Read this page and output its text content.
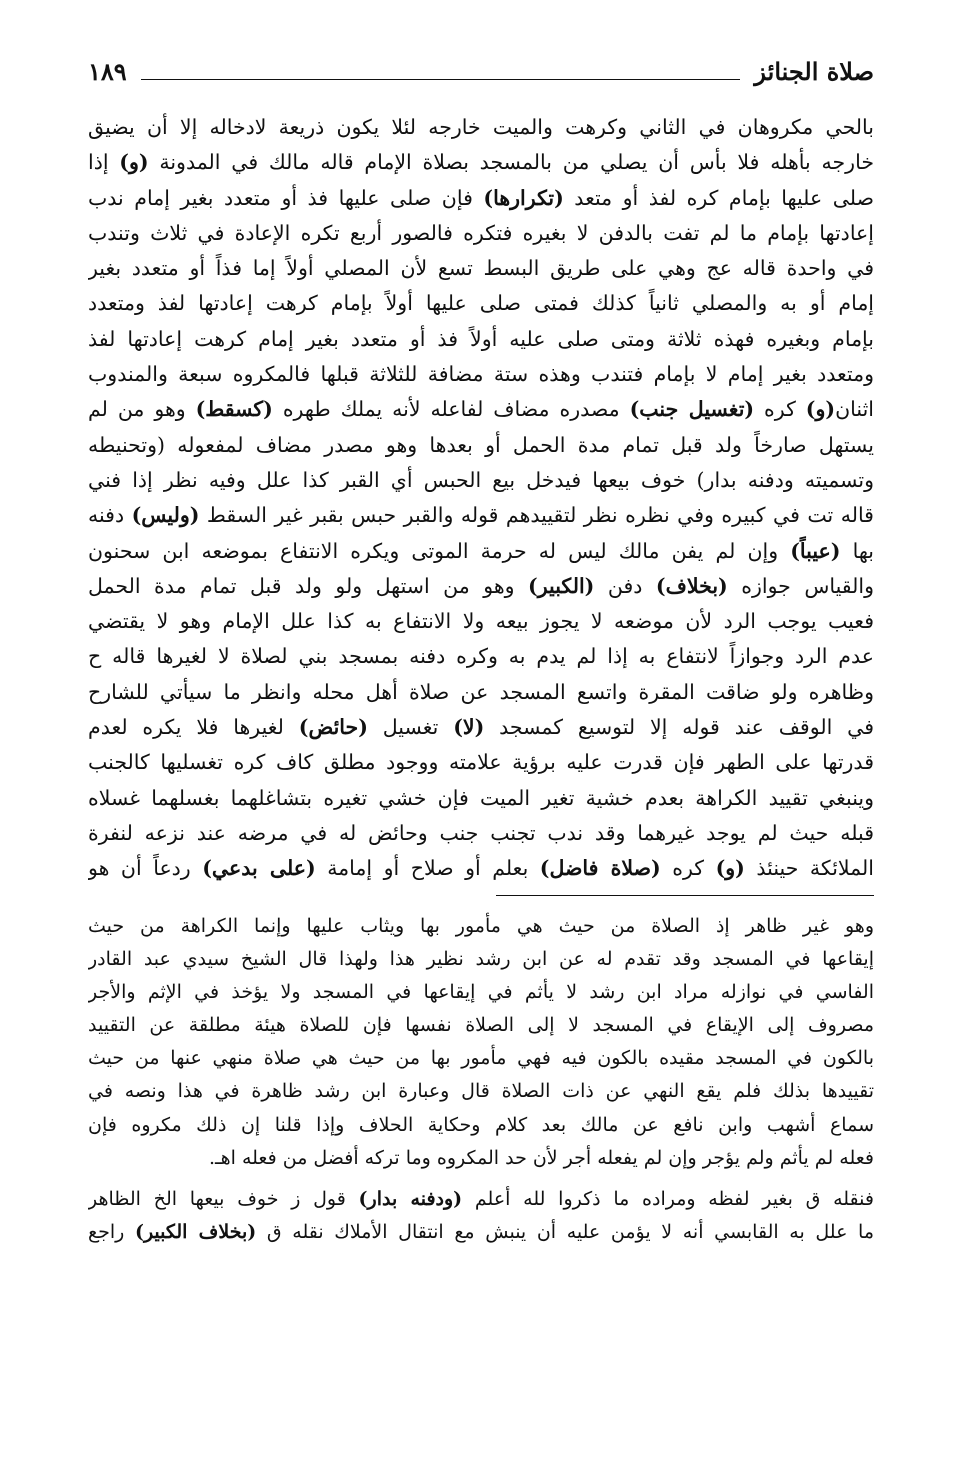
صلاة الجنائز
١٨٩
بالحي مكروهان في الثاني وكرهت والميت خارجه لئلا يكون ذريعة لادخاله إلا أن يضيق
خارجه بأهله فلا بأس أن يصلي من بالمسجد بصلاة الإمام قاله مالك في المدونة (و) إذا
صلى عليها بإمام كره لفذ أو متعد (تكرارها) فإن صلى عليها فذ أو متعدد بغير إمام ندب
إعادتها بإمام ما لم تفت بالدفن لا بغيره فتكره فالصور أربع تكره الإعادة في ثلاث وتندب
في واحدة قاله عج وهي على طريق البسط تسع لأن المصلي أولاً إما فذاً أو متعدد بغير
إمام أو به والمصلي ثانياً كذلك فمتى صلى عليها أولاً بإمام كرهت إعادتها لفذ ومتعدد
بإمام وبغيره فهذه ثلاثة ومتى صلى عليه أولاً فذ أو متعدد بغير إمام كرهت إعادتها لفذ
ومتعدد بغير إمام لا بإمام فتندب وهذه ستة مضافة للثلاثة قبلها فالمكروه سبعة والمندوب
اثنان(و) كره (تغسيل جنب) مصدره مضاف لفاعله لأنه يملك طهره (كسقط) وهو من لم
يستهل صارخاً ولد قبل تمام مدة الحمل أو بعدها وهو مصدر مضاف لمفعوله (وتحنيطه
وتسميته ودفنه بدار) خوف بيعها فيدخل بيع الحبس أي القبر كذا علل وفيه نظر إذا فني
قاله تت في كبيره وفي نظره نظر لتقييدهم قوله والقبر حبس بقبر غير السقط (وليس) دفنه
بها (عيباً) وإن لم يفن مالك ليس له حرمة الموتى ويكره الانتفاع بموضعه ابن سحنون
والقياس جوازه (بخلاف) دفن (الكبير) وهو من استهل ولو ولد قبل تمام مدة الحمل
فعيب يوجب الرد لأن موضعه لا يجوز بيعه ولا الانتفاع به كذا علل الإمام وهو لا يقتضي
عدم الرد وجوازاً لانتفاع به إذا لم يدم به وكره دفنه بمسجد بني لصلاة لا لغيرها قاله ح
وظاهره ولو ضاقت المقرة واتسع المسجد عن صلاة أهل محله وانظر ما سيأتي للشارح
في الوقف عند قوله إلا لتوسيع كمسجد (لا) تغسيل (حائض) لغيرها فلا يكره لعدم
قدرتها على الطهر فإن قدرت عليه برؤية علامته ووجود مطلق كاف كره تغسليها كالجنب
وينبغي تقييد الكراهة بعدم خشية تغير الميت فإن خشي تغيره بتشاغلهما بغسلهما غسلاه
قبله حيث لم يوجد غيرهما وقد ندب تجنب جنب وحائض له في مرضه عند نزعه لنفرة
الملائكة حينئذ (و) كره (صلاة فاضل) بعلم أو صلاح أو إمامة (على بدعي) ردعاً أن هو
وهو غير ظاهر إذ الصلاة من حيث هي مأمور بها ويثاب عليها وإنما الكراهة من حيث
إيقاعها في المسجد وقد تقدم له عن ابن رشد نظير هذا ولهذا قال الشيخ سيدي عبد القادر
الفاسي في نوازله مراد ابن رشد لا يأثم في إيقاعها في المسجد ولا يؤخذ في الإثم والأجر
مصروف إلى الإيقاع في المسجد لا إلى الصلاة نفسها فإن للصلاة هيئة مطلقة عن التقييد
بالكون في المسجد مقيده بالكون فيه فهي مأمور بها من حيث هي صلاة منهي عنها من حيث
تقييدها بذلك فلم يقع النهي عن ذات الصلاة قال وعبارة ابن رشد ظاهرة في هذا ونصه في
سماع أشهب وابن نافع عن مالك بعد كلام وحكاية الحلاف وإذا قلنا إن ذلك مكروه فإن
فعله لم يأثم ولم يؤجر وإن لم يفعله أجر لأن حد المكروه وما تركه أفضل من فعله اهـ.
فنقله ق بغير لفظه ومراده ما ذكروا لله أعلم (ودفنه بدار) قول ز خوف بيعها الخ الظاهر
ما علل به القابسي أنه لا يؤمن عليه أن ينبش مع انتقال الأملاك نقله ق (بخلاف الكبير) راجع
